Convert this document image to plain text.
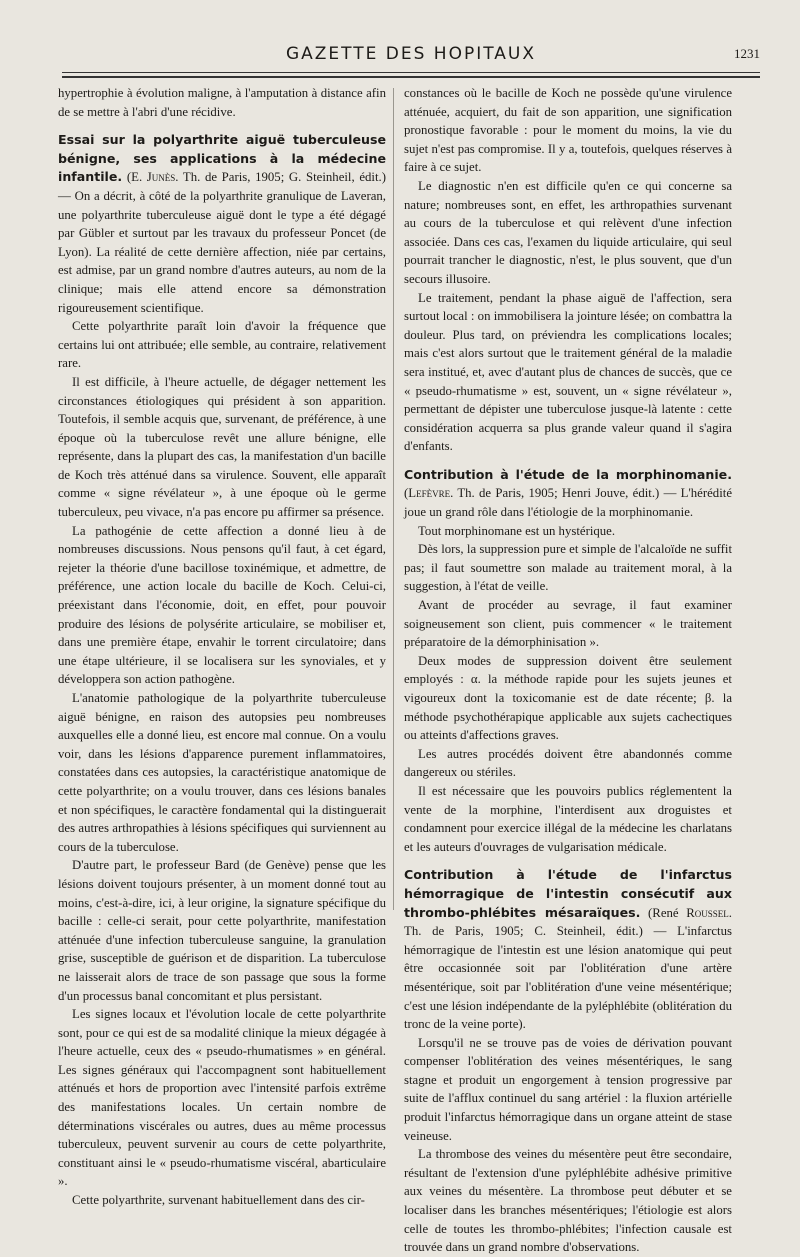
GAZETTE DES HOPITAUX	1231

hypertrophie à évolution maligne, à l'amputation à distance afin de se mettre à l'abri d'une récidive.

Essai sur la polyarthrite aiguë tuberculeuse bénigne, ses applications à la médecine infantile. (E. Junès. Th. de Paris, 1905; G. Steinheil, édit.) — On a décrit, à côté de la polyarthrite granulique de Laveran, une polyarthrite tuberculeuse aiguë dont le type a été dégagé par Gübler et surtout par les travaux du professeur Poncet (de Lyon). La réalité de cette dernière affection, niée par certains, est admise, par un grand nombre d'autres auteurs, au nom de la clinique; mais elle attend encore sa démonstration rigoureusement scientifique.

Cette polyarthrite paraît loin d'avoir la fréquence que certains lui ont attribuée; elle semble, au contraire, relativement rare.

Il est difficile, à l'heure actuelle, de dégager nettement les circonstances étiologiques qui président à son apparition. Toutefois, il semble acquis que, survenant, de préférence, à une époque où la tuberculose revêt une allure bénigne, elle représente, dans la plupart des cas, la manifestation d'un bacille de Koch très atténué dans sa virulence. Souvent, elle apparaît comme « signe révélateur », à une époque où le germe tuberculeux, peu vivace, n'a pas encore pu affirmer sa présence.

La pathogénie de cette affection a donné lieu à de nombreuses discussions. Nous pensons qu'il faut, à cet égard, rejeter la théorie d'une bacillose toxinémique, et admettre, de préférence, une action locale du bacille de Koch. Celui-ci, préexistant dans l'économie, doit, en effet, pour pouvoir produire des lésions de polysérite articulaire, se mobiliser et, dans une première étape, envahir le torrent circulatoire; dans une étape ultérieure, il se localisera sur les synoviales, et y développera son action pathogène.

L'anatomie pathologique de la polyarthrite tuberculeuse aiguë bénigne, en raison des autopsies peu nombreuses auxquelles elle a donné lieu, est encore mal connue. On a voulu voir, dans les lésions d'apparence purement inflammatoires, constatées dans ces autopsies, la caractéristique anatomique de cette polyarthrite; on a voulu trouver, dans ces lésions banales et non spécifiques, le caractère fondamental qui la distinguerait des autres arthropathies à lésions spécifiques qui surviennent au cours de la tuberculose.

D'autre part, le professeur Bard (de Genève) pense que les lésions doivent toujours présenter, à un moment donné tout au moins, c'est-à-dire, ici, à leur origine, la signature spécifique du bacille : celle-ci serait, pour cette polyarthrite, manifestation atténuée d'une infection tuberculeuse sanguine, la granulation grise, susceptible de guérison et de disparition. La tuberculose ne laisserait alors de trace de son passage que sous la forme d'un processus banal concomitant et plus persistant.

Les signes locaux et l'évolution locale de cette polyarthrite sont, pour ce qui est de sa modalité clinique la mieux dégagée à l'heure actuelle, ceux des « pseudo-rhumatismes » en général. Les signes généraux qui l'accompagnent sont habituellement atténués et hors de proportion avec l'intensité parfois extrême des manifestations locales. Un certain nombre de déterminations viscérales ou autres, dues au même processus tuberculeux, peuvent survenir au cours de cette polyarthrite, constituant ainsi le « pseudo-rhumatisme viscéral, abarticulaire ».

Cette polyarthrite, survenant habituellement dans des cir-

constances où le bacille de Koch ne possède qu'une virulence atténuée, acquiert, du fait de son apparition, une signification pronostique favorable : pour le moment du moins, la vie du sujet n'est pas compromise. Il y a, toutefois, quelques réserves à faire à ce sujet.

Le diagnostic n'en est difficile qu'en ce qui concerne sa nature; nombreuses sont, en effet, les arthropathies survenant au cours de la tuberculose et qui relèvent d'une infection associée. Dans ces cas, l'examen du liquide articulaire, qui seul pourrait trancher le diagnostic, n'est, le plus souvent, que d'un secours illusoire.

Le traitement, pendant la phase aiguë de l'affection, sera surtout local : on immobilisera la jointure lésée; on combattra la douleur. Plus tard, on préviendra les complications locales; mais c'est alors surtout que le traitement général de la maladie sera institué, et, avec d'autant plus de chances de succès, que ce « pseudo-rhumatisme » est, souvent, un « signe révélateur », permettant de dépister une tuberculose jusque-là latente : cette considération acquerra sa plus grande valeur quand il s'agira d'enfants.

Contribution à l'étude de la morphinomanie. (Lefèvre. Th. de Paris, 1905; Henri Jouve, édit.) — L'hérédité joue un grand rôle dans l'étiologie de la morphinomanie.

Tout morphinomane est un hystérique.

Dès lors, la suppression pure et simple de l'alcaloïde ne suffit pas; il faut soumettre son malade au traitement moral, à la suggestion, à l'état de veille.

Avant de procéder au sevrage, il faut examiner soigneusement son client, puis commencer « le traitement préparatoire de la démorphinisation ».

Deux modes de suppression doivent être seulement employés : α. la méthode rapide pour les sujets jeunes et vigoureux dont la toxicomanie est de date récente; β. la méthode psychothérapique applicable aux sujets cachectiques ou atteints d'affections graves.

Les autres procédés doivent être abandonnés comme dangereux ou stériles.

Il est nécessaire que les pouvoirs publics réglementent la vente de la morphine, l'interdisent aux droguistes et condamnent pour exercice illégal de la médecine les charlatans et les auteurs d'ouvrages de vulgarisation médicale.

Contribution à l'étude de l'infarctus hémorragique de l'intestin consécutif aux thrombo-phlébites mésaraïques. (René Roussel. Th. de Paris, 1905; C. Steinheil, édit.) — L'infarctus hémorragique de l'intestin est une lésion anatomique qui peut être occasionnée soit par l'oblitération d'une artère mésentérique, soit par l'oblitération d'une veine mésentérique; c'est une lésion indépendante de la pyléphlébite (oblitération du tronc de la veine porte).

Lorsqu'il ne se trouve pas de voies de dérivation pouvant compenser l'oblitération des veines mésentériques, le sang stagne et produit un engorgement à tension progressive par suite de l'afflux continuel du sang artériel : la fluxion artérielle produit l'infarctus hémorragique dans un organe atteint de stase veineuse.

La thrombose des veines du mésentère peut être secondaire, résultant de l'extension d'une pyléphlébite adhésive primitive aux veines du mésentère. La thrombose peut débuter et se localiser dans les branches mésentériques; l'étiologie est alors celle de toutes les thrombo-phlébites; l'infection causale est trouvée dans un grand nombre d'observations.
